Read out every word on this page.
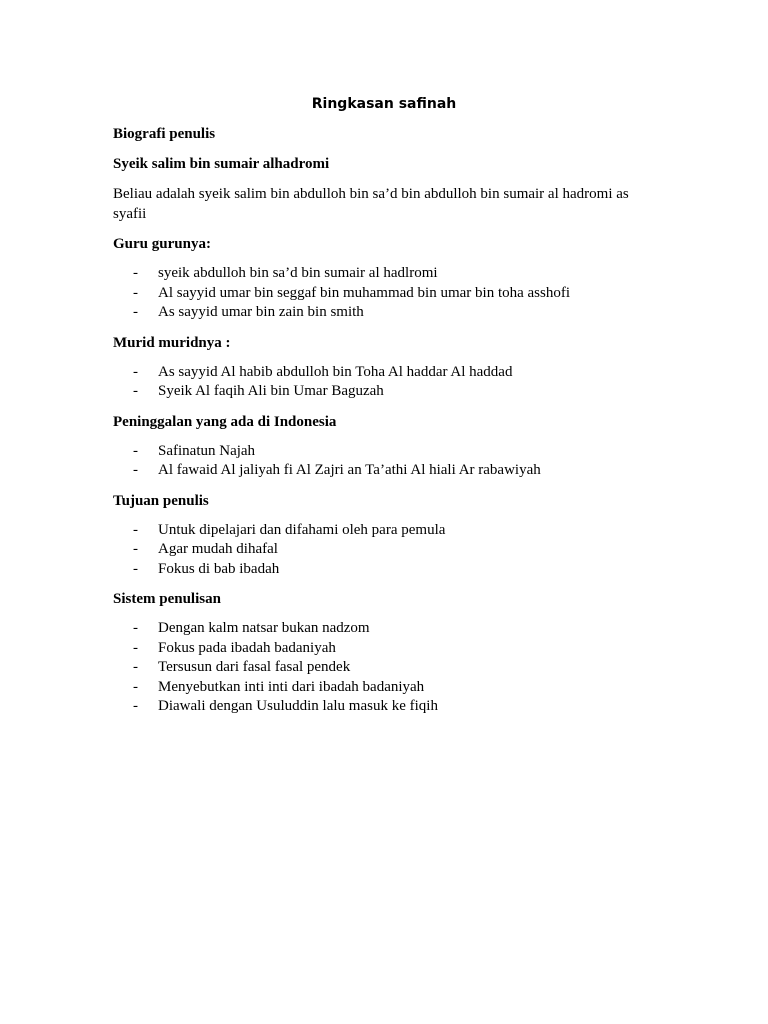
Ringkasan safinah

Biografi penulis

Syeik salim bin sumair alhadromi

Beliau adalah syeik salim bin abdulloh bin sa’d bin abdulloh bin sumair al hadromi as syafii

Guru gurunya:

- syeik abdulloh bin sa’d bin sumair al hadlromi
- Al sayyid umar bin seggaf bin muhammad bin umar bin toha asshofi
- As sayyid umar bin zain bin smith

Murid muridnya :

- As sayyid Al habib abdulloh bin Toha Al haddar Al haddad
- Syeik Al faqih Ali bin Umar Baguzah

Peninggalan yang ada di Indonesia

- Safinatun Najah
- Al fawaid Al jaliyah fi Al Zajri an Ta’athi Al hiali Ar rabawiyah

Tujuan penulis

- Untuk dipelajari dan difahami oleh para pemula
- Agar mudah dihafal
- Fokus di bab ibadah

Sistem penulisan

- Dengan kalm natsar bukan nadzom
- Fokus pada ibadah badaniyah
- Tersusun dari fasal fasal pendek
- Menyebutkan inti inti dari ibadah badaniyah
- Diawali dengan Usuluddin lalu masuk ke fiqih
